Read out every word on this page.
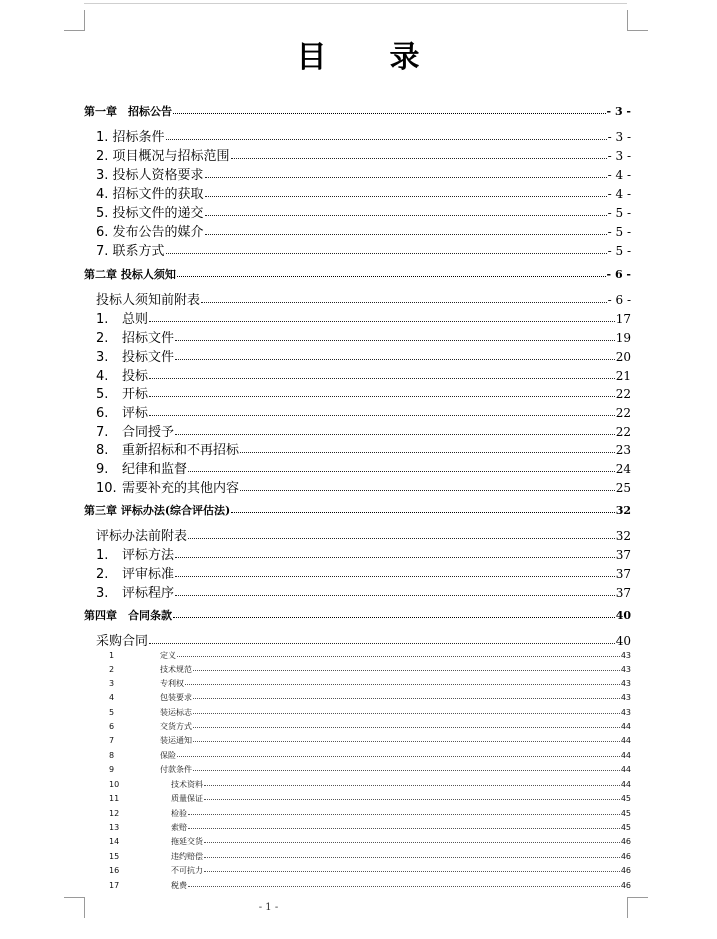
目 录
第一章　招标公告	- 3 -
1. 招标条件	- 3 -
2. 项目概况与招标范围	- 3 -
3. 投标人资格要求	- 4 -
4. 招标文件的获取	- 4 -
5. 投标文件的递交	- 5 -
6. 发布公告的媒介	- 5 -
7. 联系方式	- 5 -
第二章 投标人须知	- 6 -
投标人须知前附表	- 6 -
1. 总则	17
2. 招标文件	19
3. 投标文件	20
4. 投标	21
5. 开标	22
6. 评标	22
7. 合同授予	22
8. 重新招标和不再招标	23
9. 纪律和监督	24
10. 需要补充的其他内容	25
第三章 评标办法(综合评估法)	32
评标办法前附表	32
1. 评标方法	37
2. 评审标准	37
3. 评标程序	37
第四章　合同条款	40
采购合同	40
1	定义	43
2	技术规范	43
3	专利权	43
4	包装要求	43
5	装运标志	43
6	交货方式	44
7	装运通知	44
8	保险	44
9	付款条件	44
10	技术资料	44
11	质量保证	45
12	检验	45
13	索赔	45
14	拖延交货	46
15	违约赔偿	46
16	不可抗力	46
17	税费	46
- 1 -
